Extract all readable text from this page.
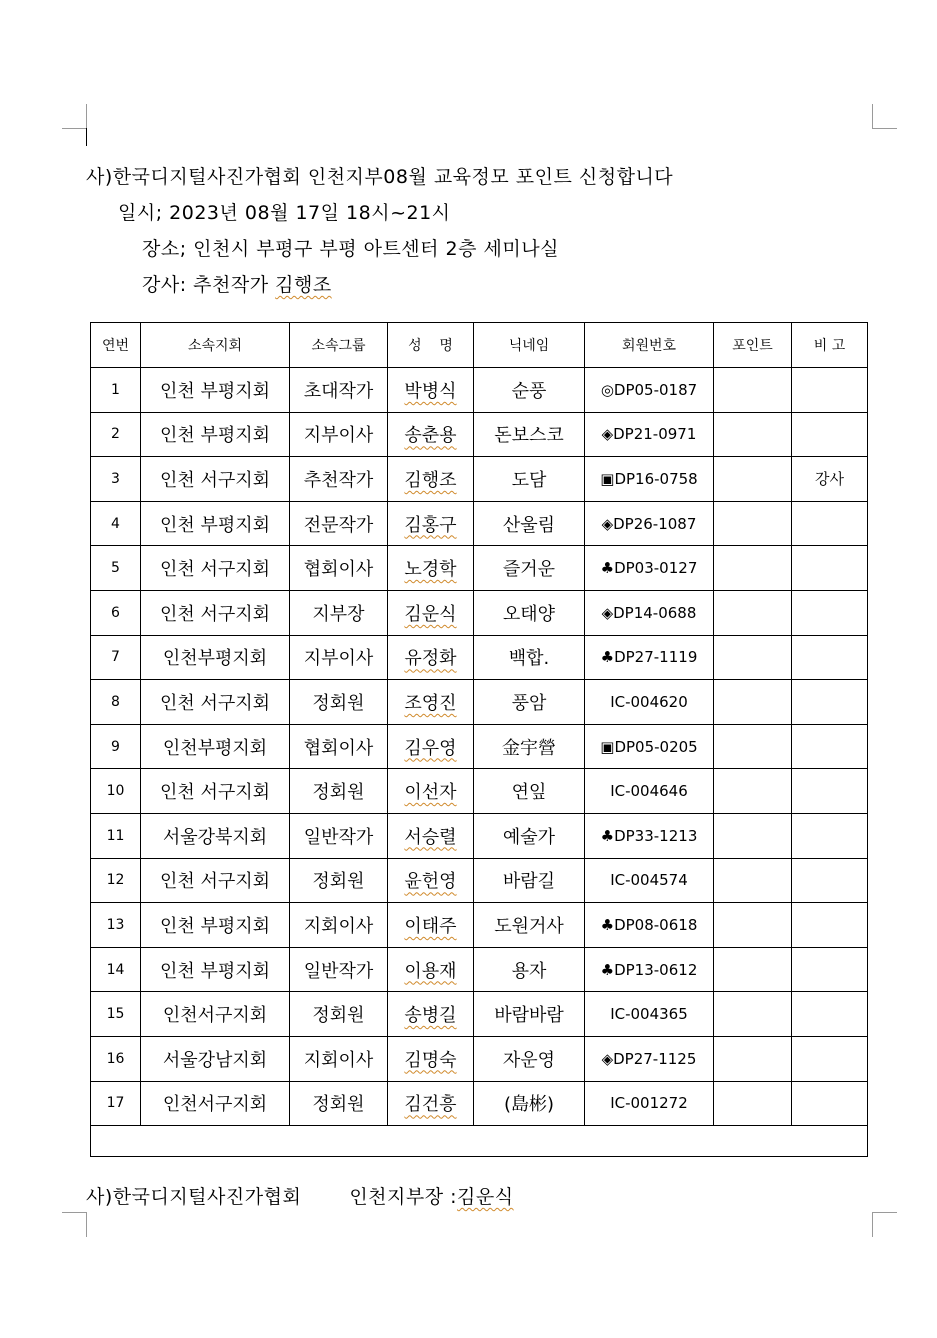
사)한국디지털사진가협회 인천지부08월 교육정모 포인트 신청합니다
일시; 2023년 08월 17일 18시~21시
장소; 인천시 부평구 부평 아트센터 2층 세미나실
강사: 추천작가 김행조
연번	소속지회	소속그룹	성    명	닉네임	회원번호	포인트	비 고
1	인천 부평지회	초대작가	박병식	순풍	◎DP05-0187		
2	인천 부평지회	지부이사	송춘용	돈보스코	◈DP21-0971		
3	인천 서구지회	추천작가	김행조	도담	▣DP16-0758		강사
4	인천 부평지회	전문작가	김홍구	산울림	◈DP26-1087		
5	인천 서구지회	협회이사	노경학	즐거운	♣DP03-0127		
6	인천 서구지회	지부장	김운식	오태양	◈DP14-0688		
7	인천부평지회	지부이사	유정화	백합.	♣DP27-1119		
8	인천 서구지회	정회원	조영진	풍암	IC-004620		
9	인천부평지회	협회이사	김우영	金宇營	▣DP05-0205		
10	인천 서구지회	정회원	이선자	연잎	IC-004646		
11	서울강북지회	일반작가	서승렬	예술가	♣DP33-1213		
12	인천 서구지회	정회원	윤헌영	바람길	IC-004574		
13	인천 부평지회	지회이사	이태주	도원거사	♣DP08-0618		
14	인천 부평지회	일반작가	이용재	용자	♣DP13-0612		
15	인천서구지회	정회원	송병길	바람바람	IC-004365		
16	서울강남지회	지회이사	김명숙	자운영	◈DP27-1125		
17	인천서구지회	정회원	김건흥	(島彬)	IC-001272		

사)한국디지털사진가협회	인천지부장 :김운식
